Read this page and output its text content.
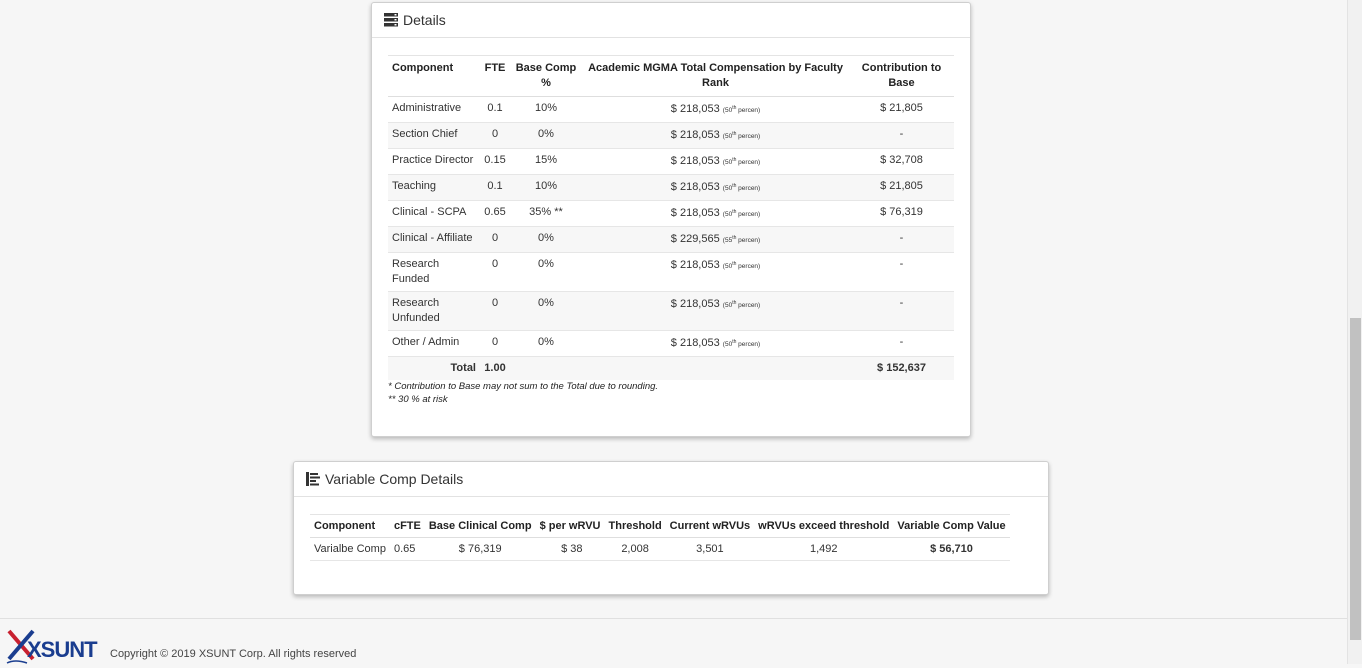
Details
Component	FTE	Base Comp %	Academic MGMA Total Compensation by Faculty Rank	Contribution to Base
Administrative	0.1	10%	$ 218,053 (50th percen)	$ 21,805
Section Chief	0	0%	$ 218,053 (50th percen)	-
Practice Director	0.15	15%	$ 218,053 (50th percen)	$ 32,708
Teaching	0.1	10%	$ 218,053 (50th percen)	$ 21,805
Clinical - SCPA	0.65	35% **	$ 218,053 (50th percen)	$ 76,319
Clinical - Affiliate	0	0%	$ 229,565 (55th percen)	-
Research Funded	0	0%	$ 218,053 (50th percen)	-
Research Unfunded	0	0%	$ 218,053 (50th percen)	-
Other / Admin	0	0%	$ 218,053 (50th percen)	-
Total	1.00			$ 152,637
* Contribution to Base may not sum to the Total due to rounding.
** 30 % at risk
Variable Comp Details
Component	cFTE	Base Clinical Comp	$ per wRVU	Threshold	Current wRVUs	wRVUs exceed threshold	Variable Comp Value
Varialbe Comp	0.65	$ 76,319	$ 38	2,008	3,501	1,492	$ 56,710
XSUNT Copyright © 2019 XSUNT Corp. All rights reserved
